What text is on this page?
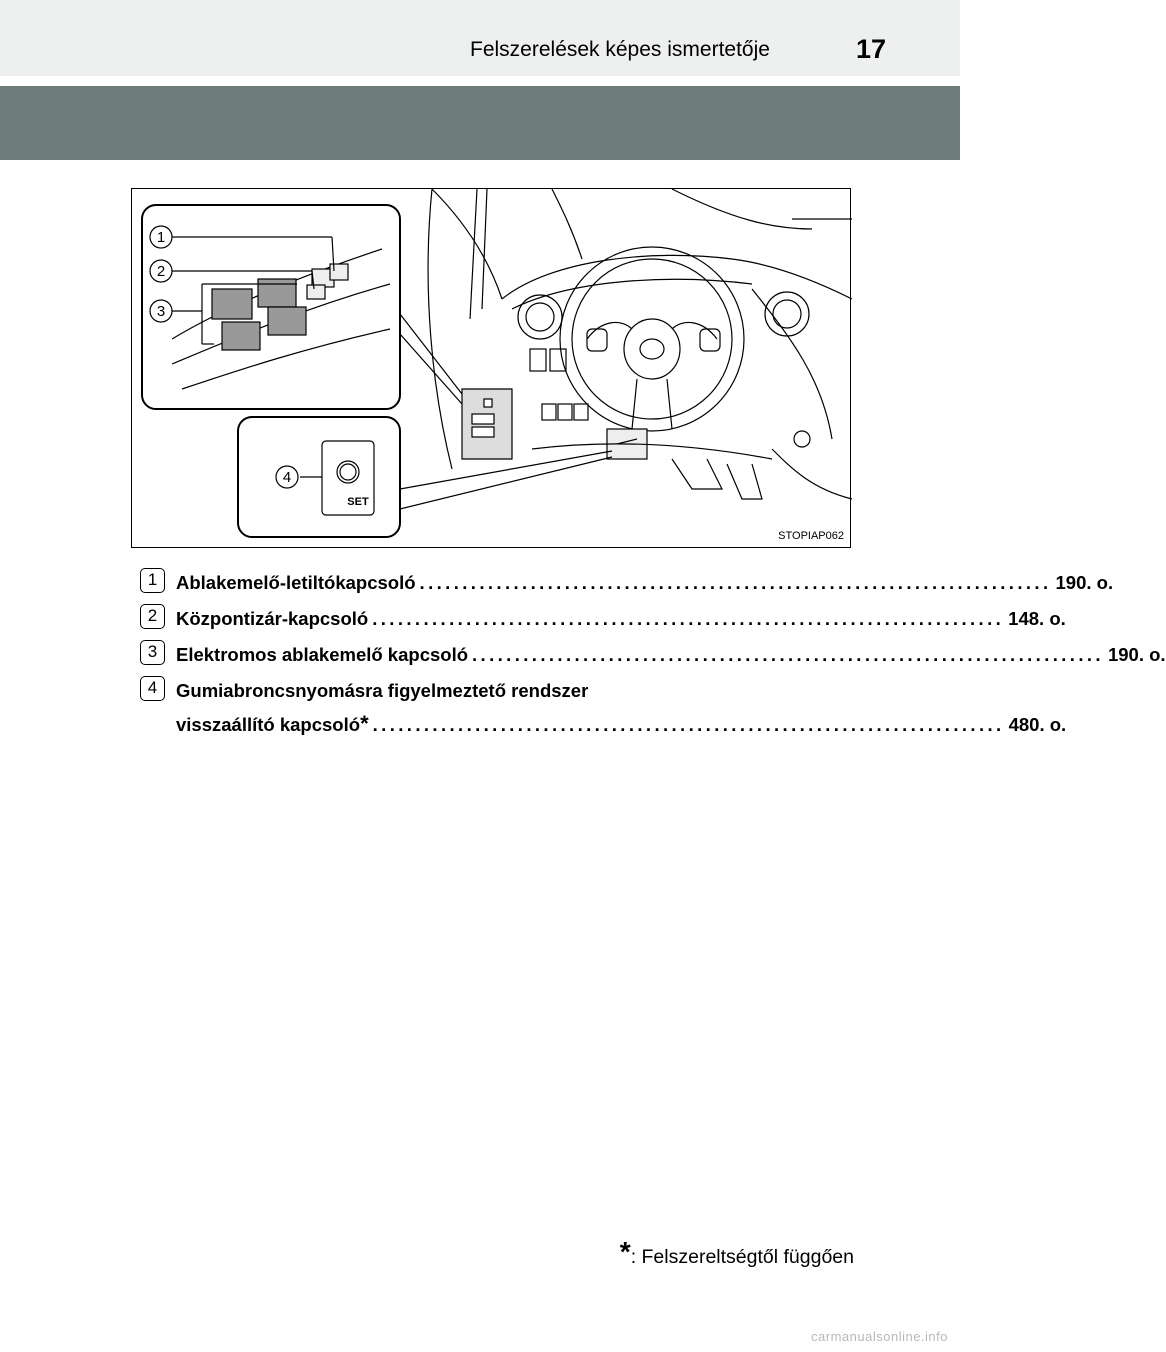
Felszerelések képes ismertetője	17
1
2
3
4
SET
STOPIAP062
1	Ablakemelő-letiltókapcsoló .......................................................................... 190. o.
2	Központizár-kapcsoló .......................................................................... 148. o.
3	Elektromos ablakemelő kapcsoló .......................................................................... 190. o.
4	Gumiabroncsnyomásra figyelmeztető rendszer
visszaállító kapcsoló * .......................................................................... 480. o.
*: Felszereltségtől függően
carmanualsonline.info
